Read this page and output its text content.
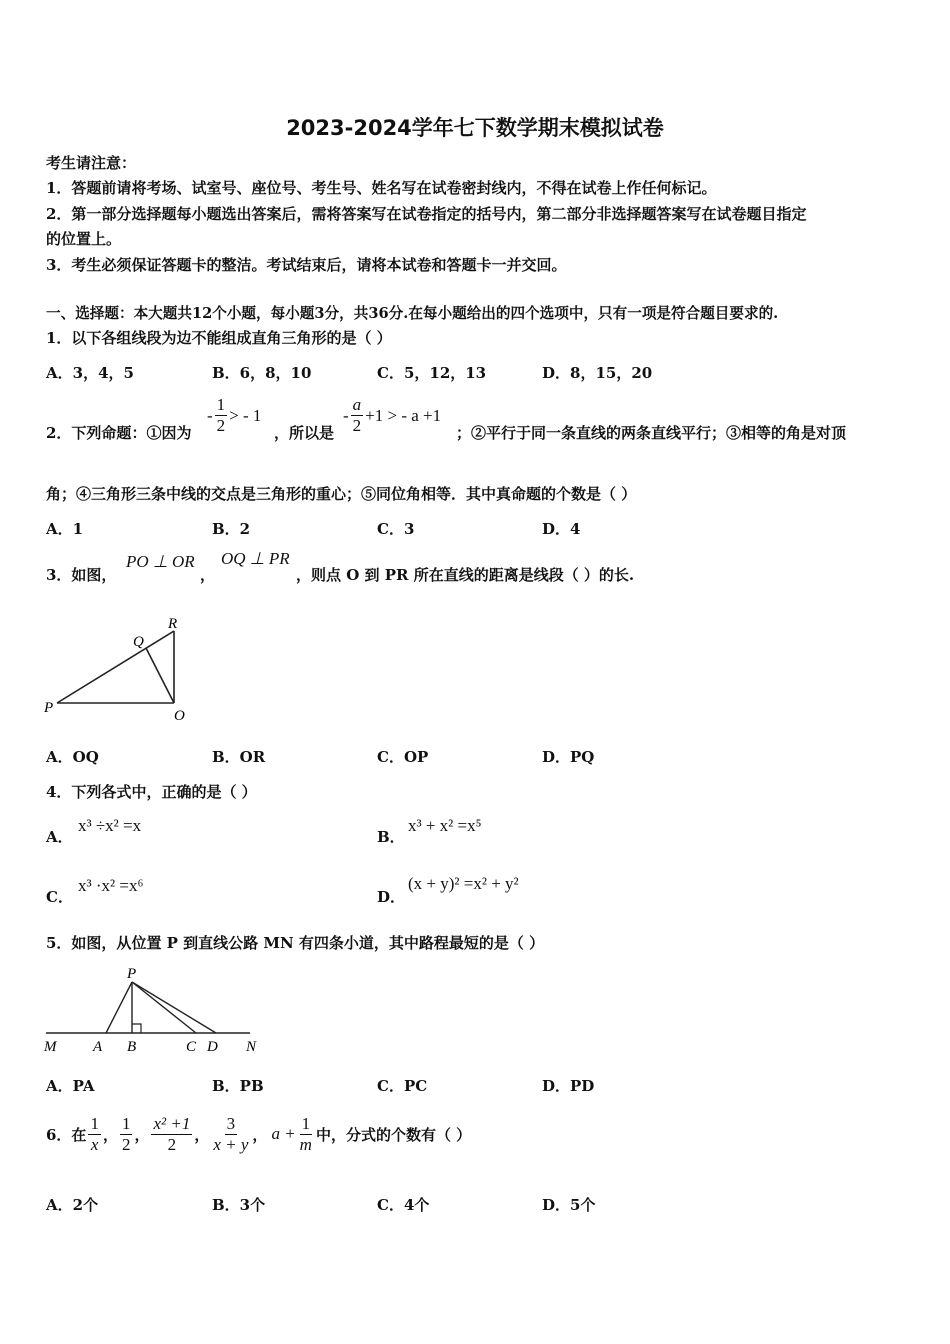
2023-2024学年七下数学期末模拟试卷
考生请注意：
1．答题前请将考场、试室号、座位号、考生号、姓名写在试卷密封线内，不得在试卷上作任何标记。
2．第一部分选择题每小题选出答案后，需将答案写在试卷指定的括号内，第二部分非选择题答案写在试卷题目指定
的位置上。
3．考生必须保证答题卡的整洁。考试结束后，请将本试卷和答题卡一并交回。
一、选择题：本大题共12个小题，每小题3分，共36分.在每小题给出的四个选项中，只有一项是符合题目要求的.
1．以下各组线段为边不能组成直角三角形的是（ ）
A．3，4，5	B．6，8，10	C．5，12，13	D．8，15，20
2．下列命题：①因为
- $\frac{1}{2}$ > - 1
，所以是
- $\frac{a}{2} +1$ > - a +1
；②平行于同一条直线的两条直线平行；③相等的角是对顶
角；④三角形三条中线的交点是三角形的重心；⑤同位角相等．其中真命题的个数是（ ）
A．1	B．2	C．3	D．4
3．如图，
PO ⊥ OR
，
OQ ⊥ PR
，则点 O 到 PR 所在直线的距离是线段（ ）的长.
P
Q
R
O
A．OQ	B．OR	C．OP	D．PQ
4．下列各式中，正确的是（ ）
A．
x³ ÷x² =x
B．
x³ + x² =x⁵
C．
x³ ·x² =x⁶
D．
(x + y)² =x² + y²
5．如图，从位置 P 到直线公路 MN 有四条小道，其中路程最短的是（ ）
P
M A B	C D N
A．PA	B．PB	C．PC	D．PD
6．在 $\frac{1}{x}$ ， $\frac{1}{2}$ ， $\frac{\text{x² +1}}{2}$ ， $\frac{3}{x + y}$ ， $a + \frac{1}{m}$ 中，分式的个数有（ ）
A．2个	B．3个	C．4个	D．5个
